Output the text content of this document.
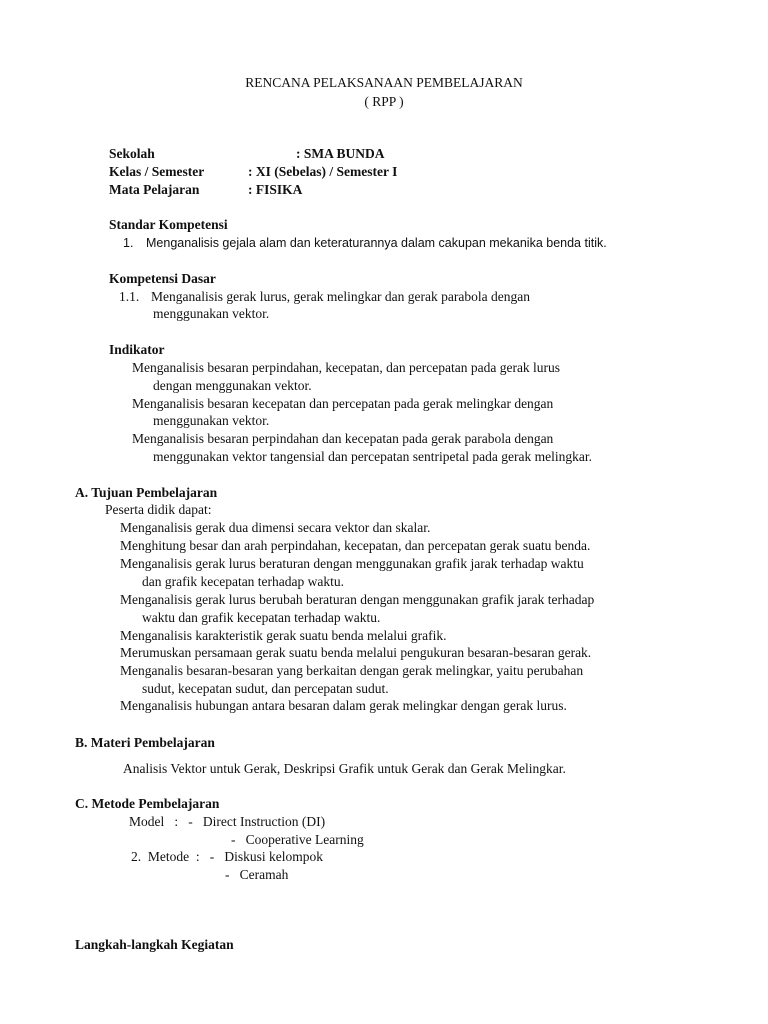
RENCANA PELAKSANAAN PEMBELAJARAN
( RPP )
Sekolah	: SMA BUNDA
Kelas / Semester	: XI (Sebelas) / Semester I
Mata Pelajaran	: FISIKA
Standar Kompetensi
1. Menganalisis gejala alam dan keteraturannya dalam cakupan mekanika benda titik.
Kompetensi Dasar
1.1. Menganalisis gerak lurus, gerak melingkar dan gerak parabola dengan
menggunakan vektor.
Indikator
Menganalisis besaran perpindahan, kecepatan, dan percepatan pada gerak lurus
dengan menggunakan vektor.
Menganalisis besaran kecepatan dan percepatan pada gerak melingkar dengan
menggunakan vektor.
Menganalisis besaran perpindahan dan kecepatan pada gerak parabola dengan
menggunakan vektor tangensial dan percepatan sentripetal pada gerak melingkar.
A. Tujuan Pembelajaran
Peserta didik dapat:
Menganalisis gerak dua dimensi secara vektor dan skalar.
Menghitung besar dan arah perpindahan, kecepatan, dan percepatan gerak suatu benda.
Menganalisis gerak lurus beraturan dengan menggunakan grafik jarak terhadap waktu
dan grafik kecepatan terhadap waktu.
Menganalisis gerak lurus berubah beraturan dengan menggunakan grafik jarak terhadap
waktu dan grafik kecepatan terhadap waktu.
Menganalisis karakteristik gerak suatu benda melalui grafik.
Merumuskan persamaan gerak suatu benda melalui pengukuran besaran-besaran gerak.
Menganalis besaran-besaran yang berkaitan dengan gerak melingkar, yaitu perubahan
sudut, kecepatan sudut, dan percepatan sudut.
Menganalisis hubungan antara besaran dalam gerak melingkar dengan gerak lurus.
B. Materi Pembelajaran
Analisis Vektor untuk Gerak, Deskripsi Grafik untuk Gerak dan Gerak Melingkar.
C. Metode Pembelajaran
Model   :   -   Direct Instruction (DI)
-   Cooperative Learning
2.  Metode  :   -   Diskusi kelompok
-   Ceramah
Langkah-langkah Kegiatan
